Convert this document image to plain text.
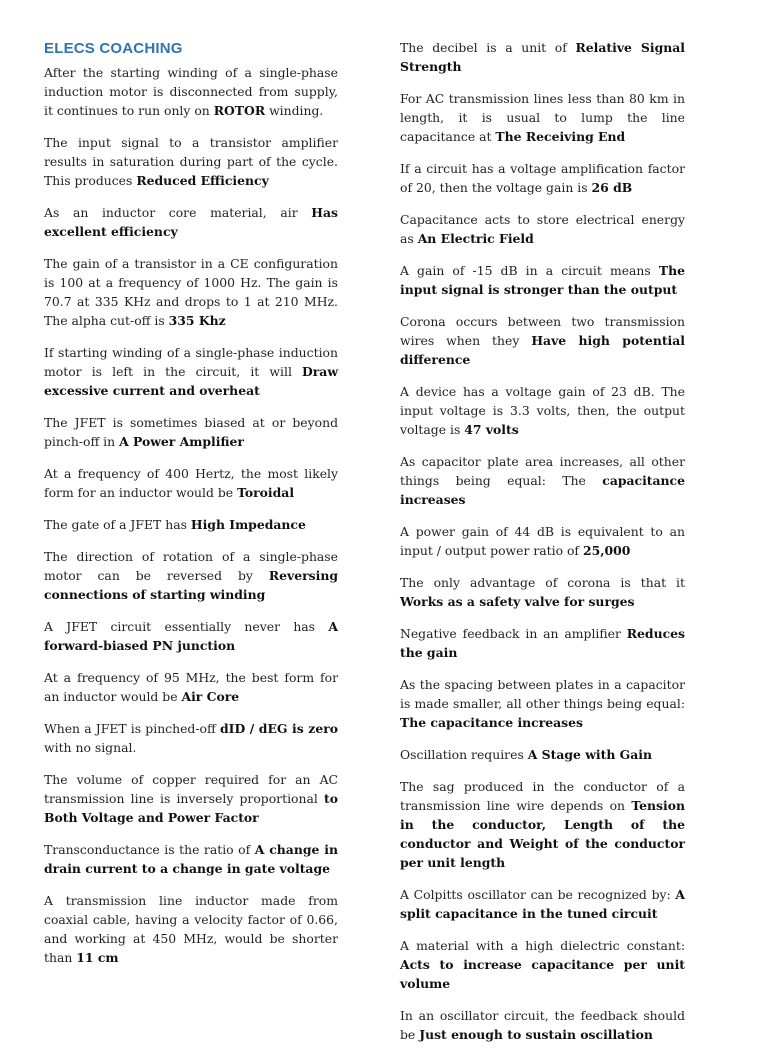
ELECS COACHING

After the starting winding of a single-phase induction motor is disconnected from supply, it continues to run only on ROTOR winding.

The input signal to a transistor amplifier results in saturation during part of the cycle. This produces Reduced Efficiency

As an inductor core material, air Has excellent efficiency

The gain of a transistor in a CE configuration is 100 at a frequency of 1000 Hz. The gain is 70.7 at 335 KHz and drops to 1 at 210 MHz. The alpha cut-off is 335 Khz

If starting winding of a single-phase induction motor is left in the circuit, it will Draw excessive current and overheat

The JFET is sometimes biased at or beyond pinch-off in A Power Amplifier

At a frequency of 400 Hertz, the most likely form for an inductor would be Toroidal

The gate of a JFET has High Impedance

The direction of rotation of a single-phase motor can be reversed by Reversing connections of starting winding

A JFET circuit essentially never has A forward-biased PN junction

At a frequency of 95 MHz, the best form for an inductor would be Air Core

When a JFET is pinched-off dID / dEG is zero with no signal.

The volume of copper required for an AC transmission line is inversely proportional to Both Voltage and Power Factor

Transconductance is the ratio of A change in drain current to a change in gate voltage

A transmission line inductor made from coaxial cable, having a velocity factor of 0.66, and working at 450 MHz, would be shorter than 11 cm

The decibel is a unit of Relative Signal Strength

For AC transmission lines less than 80 km in length, it is usual to lump the line capacitance at The Receiving End

If a circuit has a voltage amplification factor of 20, then the voltage gain is 26 dB

Capacitance acts to store electrical energy as An Electric Field

A gain of -15 dB in a circuit means The input signal is stronger than the output

Corona occurs between two transmission wires when they Have high potential difference

A device has a voltage gain of 23 dB. The input voltage is 3.3 volts, then, the output voltage is 47 volts

As capacitor plate area increases, all other things being equal: The capacitance increases

A power gain of 44 dB is equivalent to an input / output power ratio of 25,000

The only advantage of corona is that it Works as a safety valve for surges

Negative feedback in an amplifier Reduces the gain

As the spacing between plates in a capacitor is made smaller, all other things being equal: The capacitance increases

Oscillation requires A Stage with Gain

The sag produced in the conductor of a transmission line wire depends on Tension in the conductor, Length of the conductor and Weight of the conductor per unit length

A Colpitts oscillator can be recognized by: A split capacitance in the tuned circuit

A material with a high dielectric constant: Acts to increase capacitance per unit volume

In an oscillator circuit, the feedback should be Just enough to sustain oscillation
